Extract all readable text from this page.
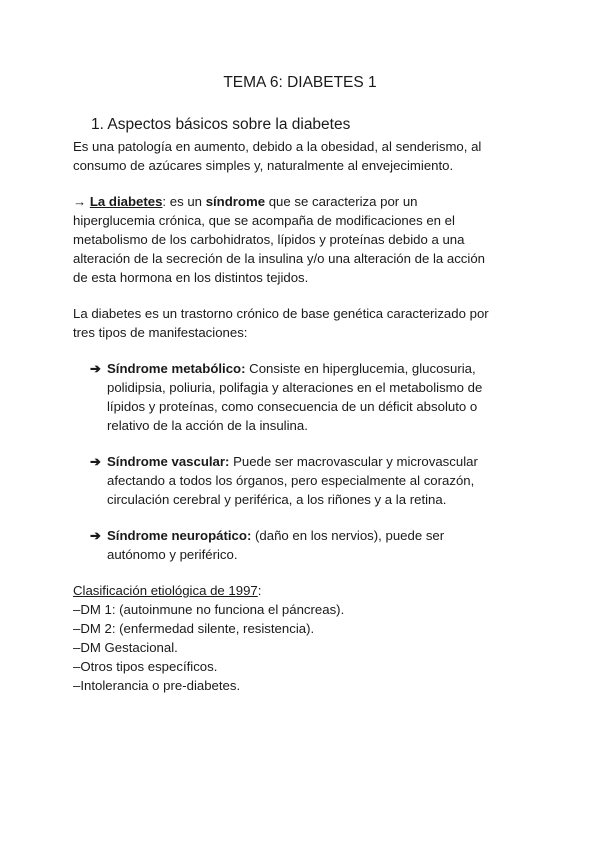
TEMA 6: DIABETES 1
1. Aspectos básicos sobre la diabetes

Es una patología en aumento, debido a la obesidad, al senderismo, al
consumo de azúcares simples y, naturalmente al envejecimiento.

→ La diabetes: es un síndrome que se caracteriza por un
hiperglucemia crónica, que se acompaña de modificaciones en el
metabolismo de los carbohidratos, lípidos y proteínas debido a una
alteración de la secreción de la insulina y/o una alteración de la acción
de esta hormona en los distintos tejidos.

La diabetes es un trastorno crónico de base genética caracterizado por
tres tipos de manifestaciones:

➔ Síndrome metabólico: Consiste en hiperglucemia, glucosuria,
polidipsia, poliuria, polifagia y alteraciones en el metabolismo de
lípidos y proteínas, como consecuencia de un déficit absoluto o
relativo de la acción de la insulina.
➔ Síndrome vascular: Puede ser macrovascular y microvascular
afectando a todos los órganos, pero especialmente al corazón,
circulación cerebral y periférica, a los riñones y a la retina.
➔ Síndrome neuropático: (daño en los nervios), puede ser
autónomo y periférico.

Clasificación etiológica de 1997:

–DM 1: (autoinmune no funciona el páncreas).
–DM 2: (enfermedad silente, resistencia).
–DM Gestacional.
–Otros tipos específicos.
–Intolerancia o pre-diabetes.
